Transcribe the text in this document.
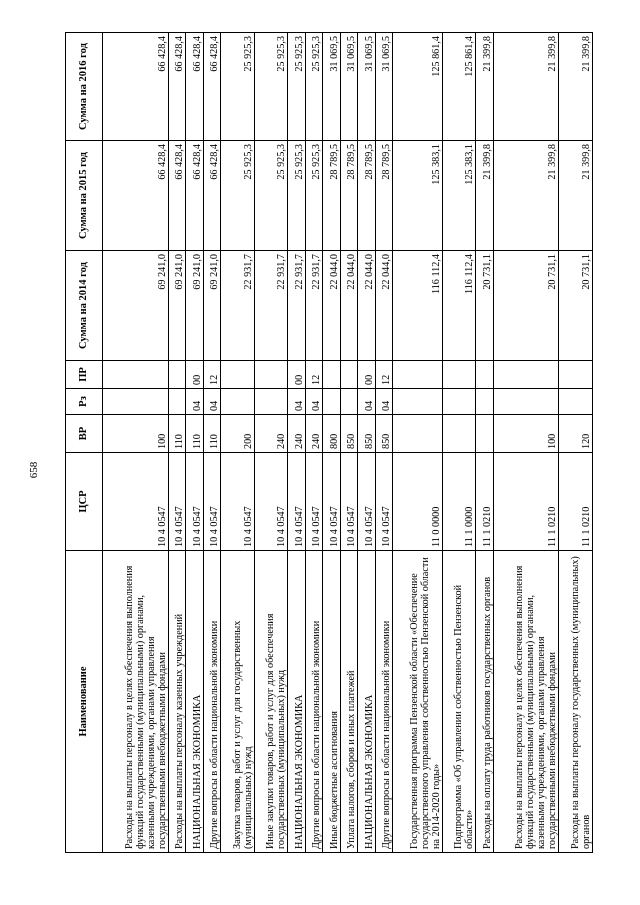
658
Наименование	ЦСР	ВР	Рз	ПР	Сумма на 2014 год	Сумма на 2015 год	Сумма на 2016 год
Расходы на выплаты персоналу в целях обеспечения выполнения функций государственными (муниципальными) органами, казенными учреждениями, органами управления государственными внебюджетными фондами	10 4 0547	100			69 241,0	66 428,4	66 428,4
Расходы на выплаты персоналу казенных учреждений	10 4 0547	110			69 241,0	66 428,4	66 428,4
НАЦИОНАЛЬНАЯ ЭКОНОМИКА	10 4 0547	110	04	00	69 241,0	66 428,4	66 428,4
Другие вопросы в области национальной экономики	10 4 0547	110	04	12	69 241,0	66 428,4	66 428,4
Закупка товаров, работ и услуг для государственных (муниципальных) нужд	10 4 0547	200			22 931,7	25 925,3	25 925,3
Иные закупки товаров, работ и услуг для обеспечения государственных (муниципальных) нужд	10 4 0547	240			22 931,7	25 925,3	25 925,3
НАЦИОНАЛЬНАЯ ЭКОНОМИКА	10 4 0547	240	04	00	22 931,7	25 925,3	25 925,3
Другие вопросы в области национальной экономики	10 4 0547	240	04	12	22 931,7	25 925,3	25 925,3
Иные бюджетные ассигнования	10 4 0547	800			22 044,0	28 789,5	31 069,5
Уплата налогов, сборов и иных платежей	10 4 0547	850			22 044,0	28 789,5	31 069,5
НАЦИОНАЛЬНАЯ ЭКОНОМИКА	10 4 0547	850	04	00	22 044,0	28 789,5	31 069,5
Другие вопросы в области национальной экономики	10 4 0547	850	04	12	22 044,0	28 789,5	31 069,5
Государственная программа Пензенской области «Обеспечение государственного управления собственностью Пензенской области на 2014-2020 годы»	11 0 0000				116 112,4	125 383,1	125 861,4
Подпрограмма «Об управлении собственностью Пензенской области»	11 1 0000				116 112,4	125 383,1	125 861,4
Расходы на оплату труда работников государственных органов	11 1 0210				20 731,1	21 399,8	21 399,8
Расходы на выплаты персоналу в целях обеспечения выполнения функций государственными (муниципальными) органами, казенными учреждениями, органами управления государственными внебюджетными фондами	11 1 0210	100			20 731,1	21 399,8	21 399,8
Расходы на выплаты персоналу государственных (муниципальных) органов	11 1 0210	120			20 731,1	21 399,8	21 399,8
